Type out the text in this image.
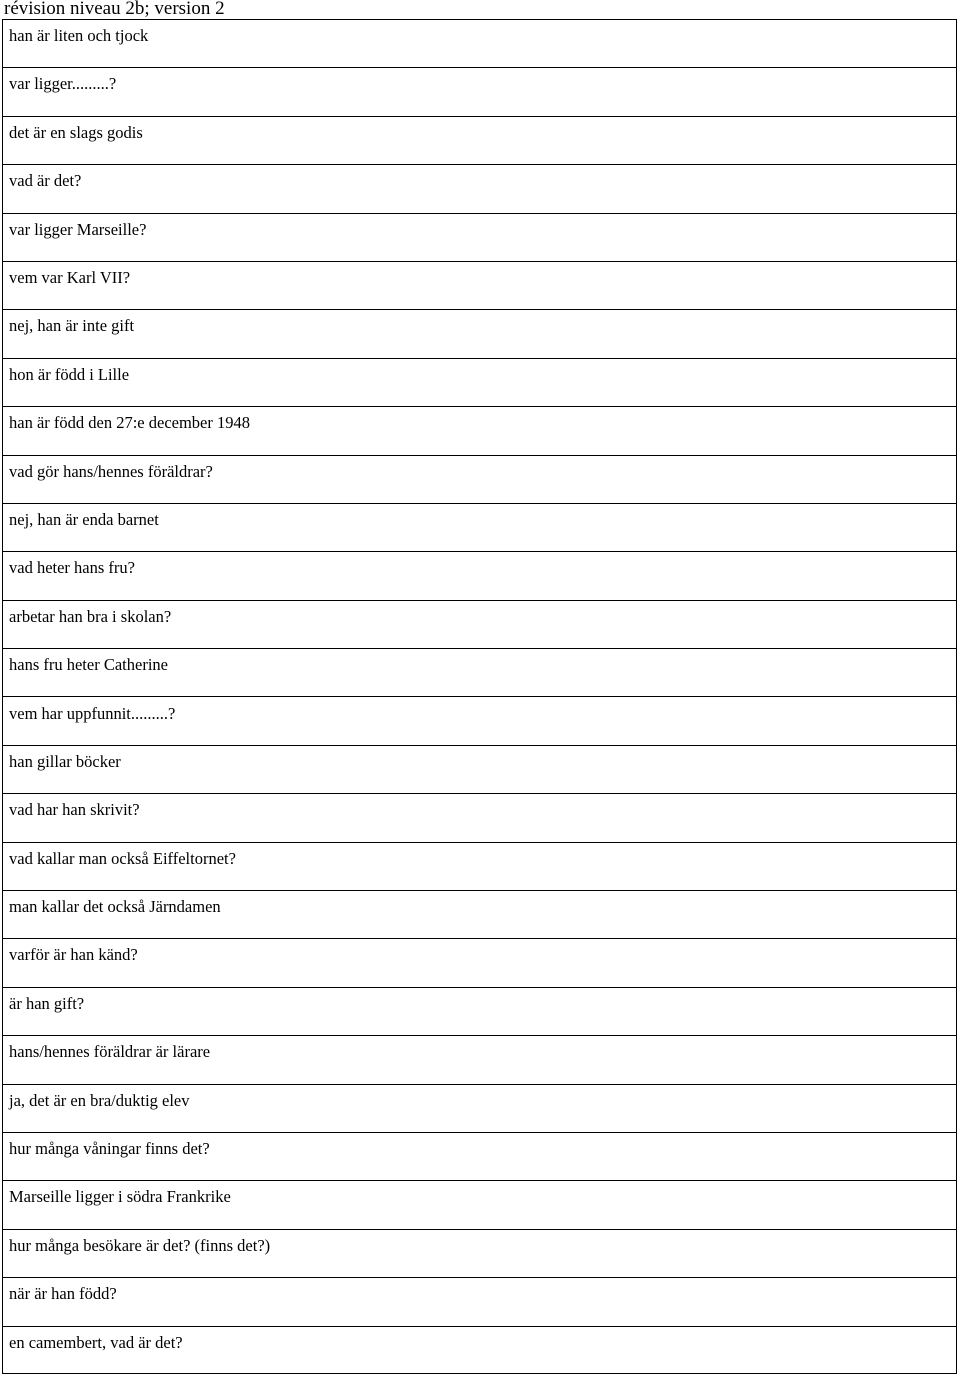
révision niveau 2b; version 2
han är liten och tjock
var ligger.........?
det är en slags godis
vad är det?
var ligger Marseille?
vem var Karl VII?
nej, han är inte gift
hon är född i Lille
han är född den 27:e december 1948
vad gör hans/hennes föräldrar?
nej, han är enda barnet
vad heter hans fru?
arbetar han bra i skolan?
hans fru heter Catherine
vem har uppfunnit.........?
han gillar böcker
vad har han skrivit?
vad kallar man också Eiffeltornet?
man kallar det också Järndamen
varför är han känd?
är han gift?
hans/hennes föräldrar är lärare
ja, det är en bra/duktig elev
hur många våningar finns det?
Marseille ligger i södra Frankrike
hur många besökare är det? (finns det?)
när är han född?
en camembert, vad är det?
